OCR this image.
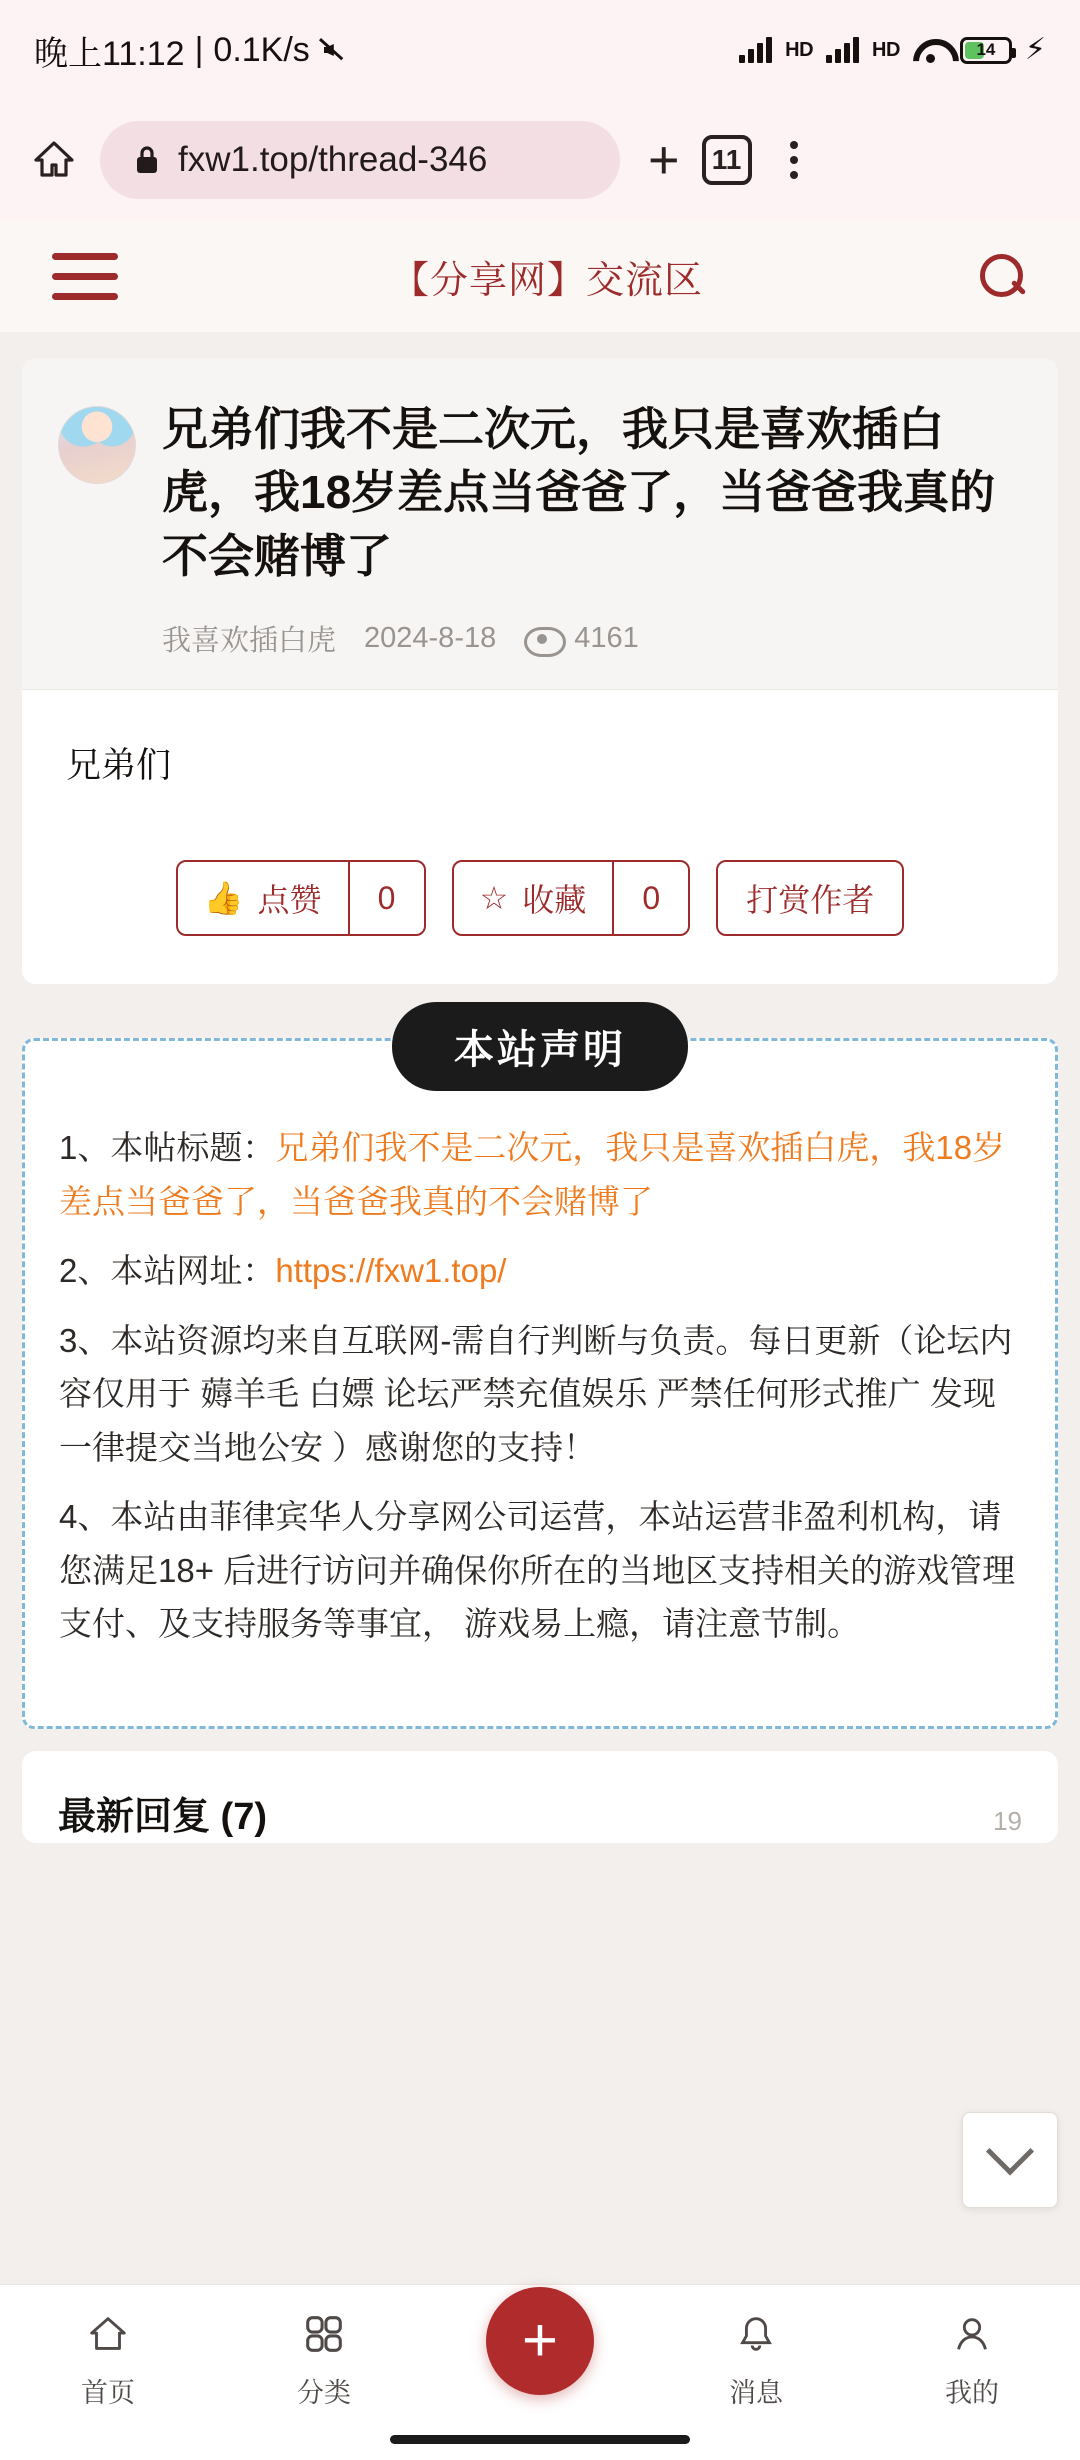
晚上11:12 | 0.1K/s	HD	HD	14 ⚡
fxw1.top/thread-346	+	11
【分享网】交流区
兄弟们我不是二次元，我只是喜欢插白虎，我18岁差点当爸爸了，当爸爸我真的不会赌博了
我喜欢插白虎 2024-8-18	4161
兄弟们
👍 点赞	0	☆ 收藏	0	打赏作者
本站声明
1、本帖标题：兄弟们我不是二次元，我只是喜欢插白虎，我18岁差点当爸爸了，当爸爸我真的不会赌博了
2、本站网址：https://fxw1.top/
3、本站资源均来自互联网-需自行判断与负责。每日更新（论坛内容仅用于 薅羊毛 白嫖 论坛严禁充值娱乐 严禁任何形式推广 发现一律提交当地公安 ）感谢您的支持！
4、本站由菲律宾华人分享网公司运营，本站运营非盈利机构，请您满足18+ 后进行访问并确保你所在的当地区支持相关的游戏管理 支付、及支持服务等事宜， 游戏易上瘾，请注意节制。
最新回复 (7)	19
首页	分类
+
消息	我的
